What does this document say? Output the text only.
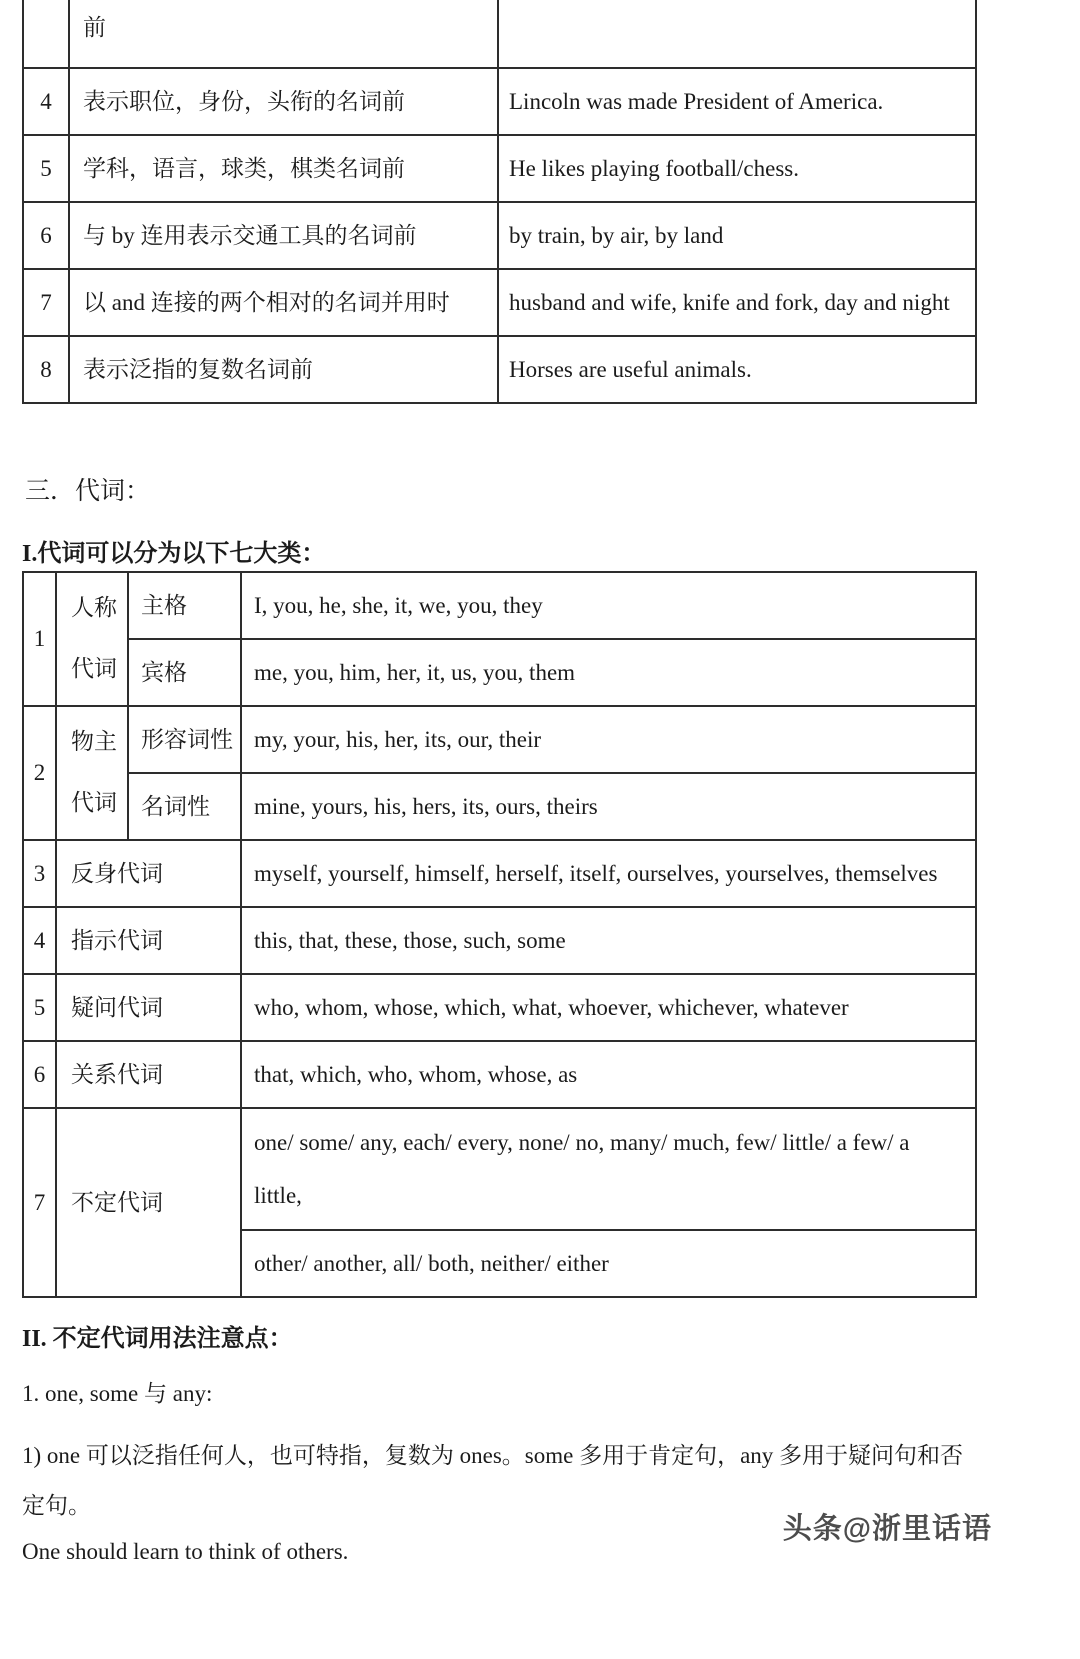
	前	
4	表示职位，身份，头衔的名词前	Lincoln was made President of America.
5	学科，语言，球类，棋类名词前	He likes playing football/chess.
6	与 by 连用表示交通工具的名词前	by train, by air, by land
7	以 and 连接的两个相对的名词并用时	husband and wife, knife and fork, day and night
8	表示泛指的复数名词前	Horses are useful animals.
三．代词：
I.代词可以分为以下七大类：
1	人称代词	主格	I, you, he, she, it, we, you, they
		宾格	me, you, him, her, it, us, you, them
2	物主代词	形容词性	my, your, his, her, its, our, their
		名词性	mine, yours, his, hers, its, ours, theirs
3	反身代词		myself, yourself, himself, herself, itself, ourselves, yourselves, themselves
4	指示代词		this, that, these, those, such, some
5	疑问代词		who, whom, whose, which, what, whoever, whichever, whatever
6	关系代词		that, which, who, whom, whose, as
7	不定代词		one/ some/ any, each/ every, none/ no, many/ much, few/ little/ a few/ a little,
			other/ another, all/ both, neither/ either
II. 不定代词用法注意点：
1. one, some 与 any:
1) one 可以泛指任何人，也可特指，复数为 ones。some 多用于肯定句，any 多用于疑问句和否定句。
One should learn to think of others.
头条@浙里话语
